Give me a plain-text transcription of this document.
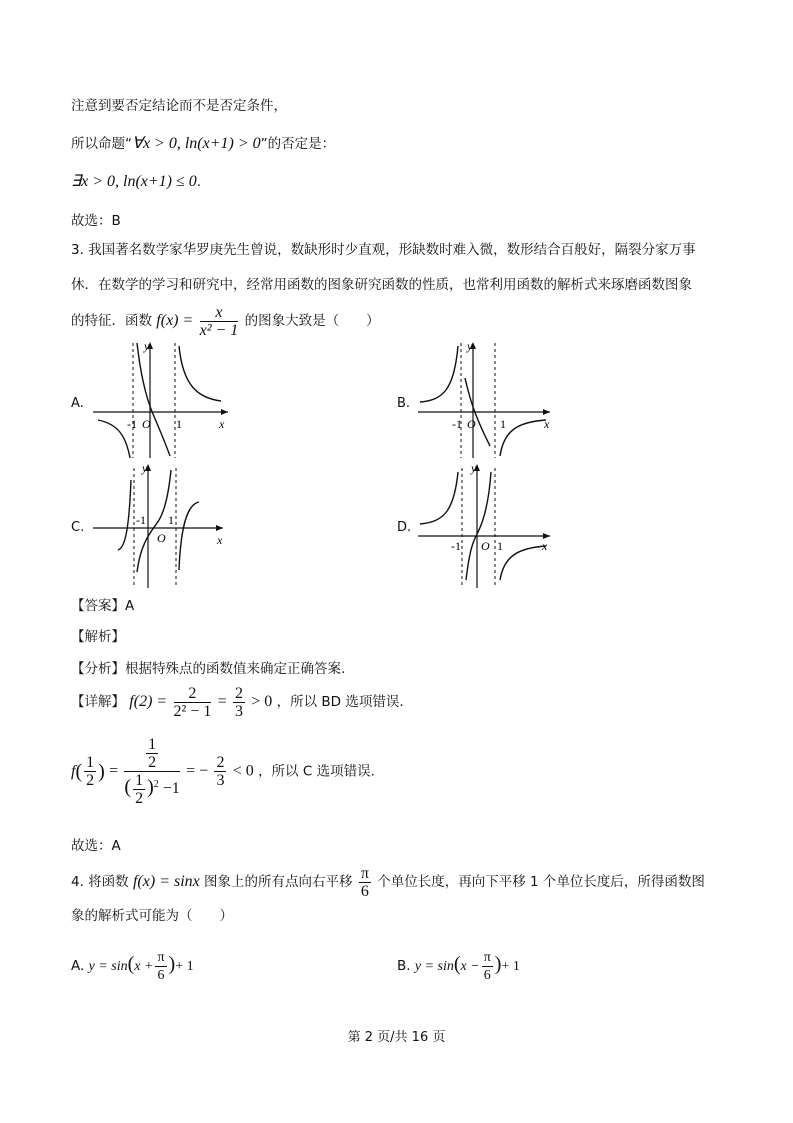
注意到要否定结论而不是否定条件，
所以命题“∀x > 0, ln(x+1) > 0”的否定是：
∃x > 0, ln(x+1) ≤ 0.
故选：B
3. 我国著名数学家华罗庚先生曾说，数缺形时少直观，形缺数时难入微，数形结合百般好，隔裂分家万事
休．在数学的学习和研究中，经常用函数的图象研究函数的性质，也常利用函数的解析式来琢磨函数图象
的特征．函数 $f(x) = \frac{x}{\text{x² − 1}}$ 的图象大致是（　　）
A.
-1 O 1	x
y
B.
-1 O 1	x
y
C.	-1 1
O	x
y
D.
-1 O 1	x
y
【答案】A
【解析】
【分析】根据特殊点的函数值来确定正确答案.
【详解】 $f(2) = \frac{2}{\text{2² − 1}} = \frac{2}{3} > 0$ ，所以 BD 选项错误.
$f( \frac{1}{2}$ ) = $\frac{\frac{1}{2}}{( \frac{1}{2} )^2 -1}$ = − $\frac{2}{3} < 0$ ，所以 C 选项错误.
故选：A
4. 将函数 f(x) = sinx 图象上的所有点向右平移 $\frac{\pi}{6}$ 个单位长度，再向下平移 1 个单位长度后，所得函数图
象的解析式可能为（　　）
A. $y = \sin(x + \frac{\pi}{6}$ )+ 1	B. $y = \sin(x - \frac{\pi}{6}$ )+ 1
第 2 页/共 16 页
